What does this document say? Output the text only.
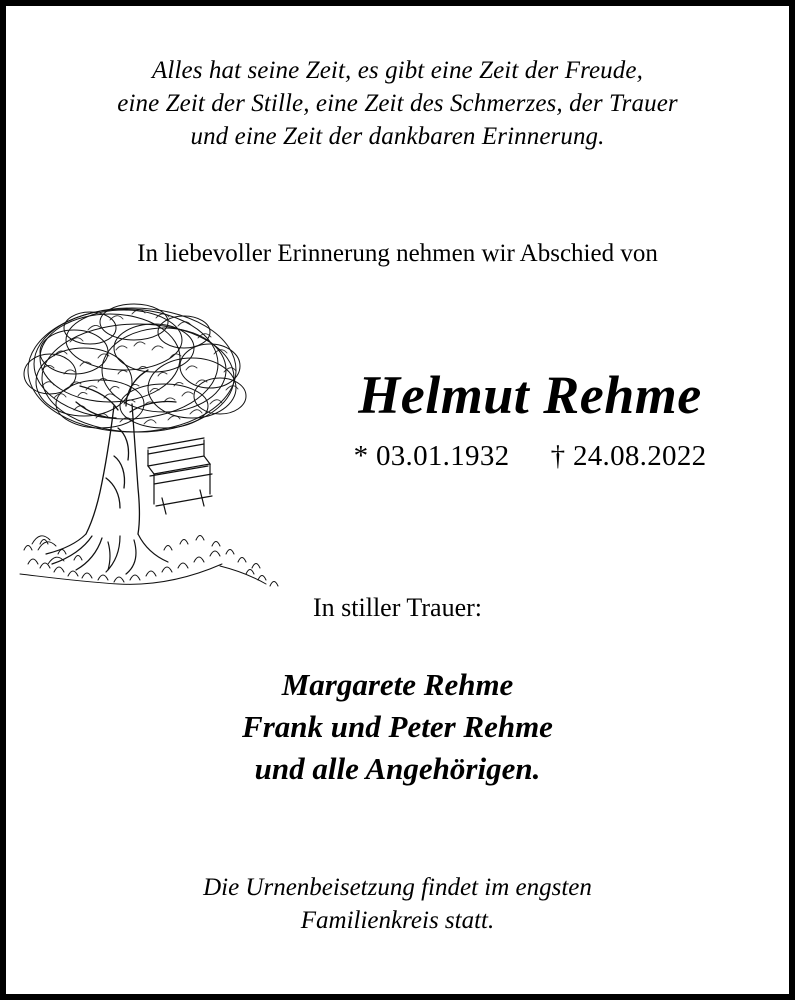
Alles hat seine Zeit, es gibt eine Zeit der Freude,
eine Zeit der Stille, eine Zeit des Schmerzes, der Trauer
und eine Zeit der dankbaren Erinnerung.
In liebevoller Erinnerung nehmen wir Abschied von
Helmut Rehme
* 03.01.1932 † 24.08.2022
In stiller Trauer:
Margarete Rehme
Frank und Peter Rehme
und alle Angehörigen.
Die Urnenbeisetzung findet im engsten
Familienkreis statt.
